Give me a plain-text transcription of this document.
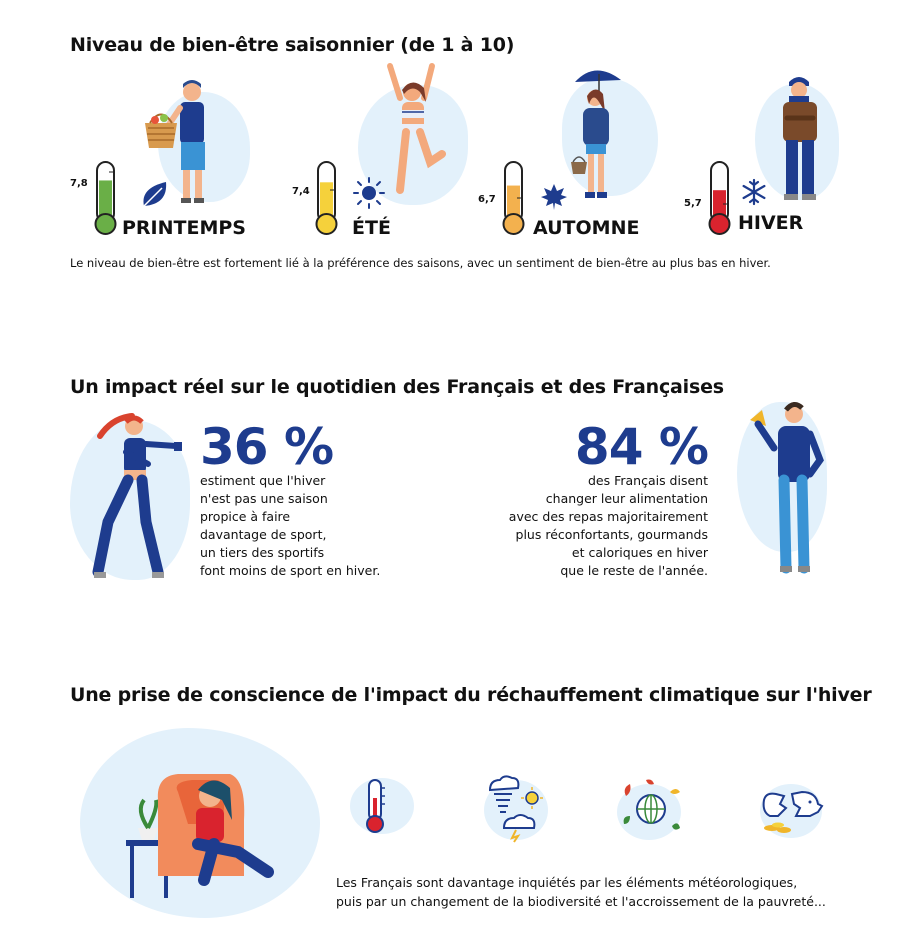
Niveau de bien-être saisonnier (de 1 à 10)
7,8
PRINTEMPS
7,4
ÉTÉ
6,7
AUTOMNE
5,7
HIVER
Le niveau de bien-être est fortement lié à la préférence des saisons, avec un sentiment de bien-être au plus bas en hiver.
Un impact réel sur le quotidien des Français et des Françaises
36 %
estiment que l'hiver
n'est pas une saison
propice à faire
davantage de sport,
un tiers des sportifs
font moins de sport en hiver.
84 %
des Français disent
changer leur alimentation
avec des repas majoritairement
plus réconfortants, gourmands
et caloriques en hiver
que le reste de l'année.
Une prise de conscience de l'impact du réchauffement climatique sur l'hiver
Les Français sont davantage inquiétés par les éléments météorologiques,
puis par un changement de la biodiversité et l'accroissement de la pauvreté...
